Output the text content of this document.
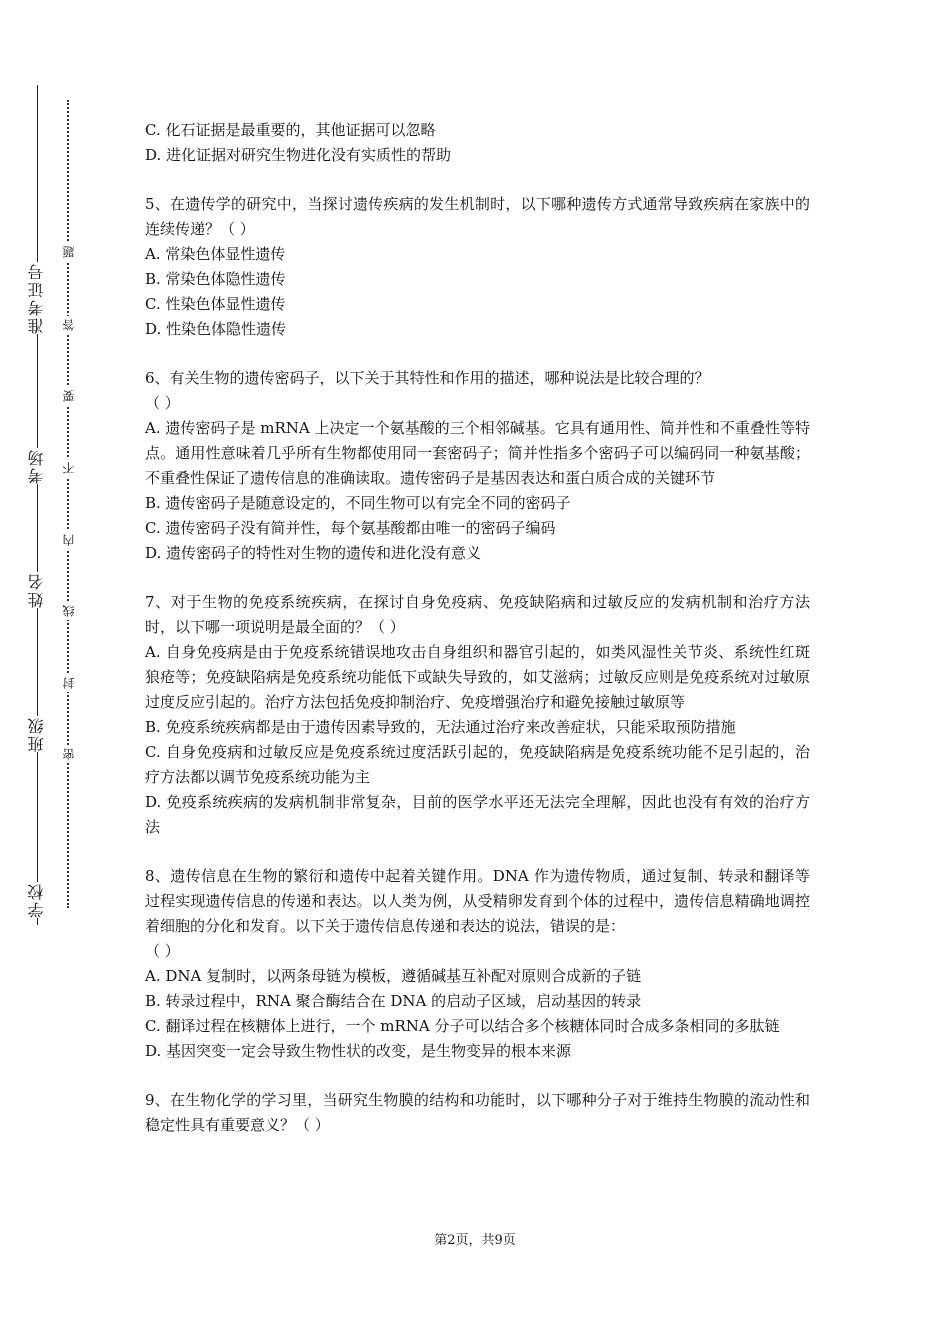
准考证号
考场
姓名
班级
学校
题
答
要
不
内
线
封
密

C. 化石证据是最重要的，其他证据可以忽略

D. 进化证据对研究生物进化没有实质性的帮助

5、在遗传学的研究中，当探讨遗传疾病的发生机制时，以下哪种遗传方式通常导致疾病在家族中的连续传递？（ ）

A. 常染色体显性遗传

B. 常染色体隐性遗传

C. 性染色体显性遗传

D. 性染色体隐性遗传

6、有关生物的遗传密码子，以下关于其特性和作用的描述，哪种说法是比较合理的？

（ ）

A. 遗传密码子是 mRNA 上决定一个氨基酸的三个相邻碱基。它具有通用性、简并性和不重叠性等特点。通用性意味着几乎所有生物都使用同一套密码子；简并性指多个密码子可以编码同一种氨基酸；不重叠性保证了遗传信息的准确读取。遗传密码子是基因表达和蛋白质合成的关键环节

B. 遗传密码子是随意设定的，不同生物可以有完全不同的密码子

C. 遗传密码子没有简并性，每个氨基酸都由唯一的密码子编码

D. 遗传密码子的特性对生物的遗传和进化没有意义

7、对于生物的免疫系统疾病，在探讨自身免疫病、免疫缺陷病和过敏反应的发病机制和治疗方法时，以下哪一项说明是最全面的？（ ）

A. 自身免疫病是由于免疫系统错误地攻击自身组织和器官引起的，如类风湿性关节炎、系统性红斑狼疮等；免疫缺陷病是免疫系统功能低下或缺失导致的，如艾滋病；过敏反应则是免疫系统对过敏原过度反应引起的。治疗方法包括免疫抑制治疗、免疫增强治疗和避免接触过敏原等

B. 免疫系统疾病都是由于遗传因素导致的，无法通过治疗来改善症状，只能采取预防措施

C. 自身免疫病和过敏反应是免疫系统过度活跃引起的，免疫缺陷病是免疫系统功能不足引起的，治疗方法都以调节免疫系统功能为主

D. 免疫系统疾病的发病机制非常复杂，目前的医学水平还无法完全理解，因此也没有有效的治疗方法

8、遗传信息在生物的繁衍和遗传中起着关键作用。DNA 作为遗传物质，通过复制、转录和翻译等过程实现遗传信息的传递和表达。以人类为例，从受精卵发育到个体的过程中，遗传信息精确地调控着细胞的分化和发育。以下关于遗传信息传递和表达的说法，错误的是：

（ ）

A. DNA 复制时，以两条母链为模板，遵循碱基互补配对原则合成新的子链

B. 转录过程中，RNA 聚合酶结合在 DNA 的启动子区域，启动基因的转录

C. 翻译过程在核糖体上进行，一个 mRNA 分子可以结合多个核糖体同时合成多条相同的多肽链

D. 基因突变一定会导致生物性状的改变，是生物变异的根本来源

9、在生物化学的学习里，当研究生物膜的结构和功能时，以下哪种分子对于维持生物膜的流动性和稳定性具有重要意义？（ ）

第2页，共9页
